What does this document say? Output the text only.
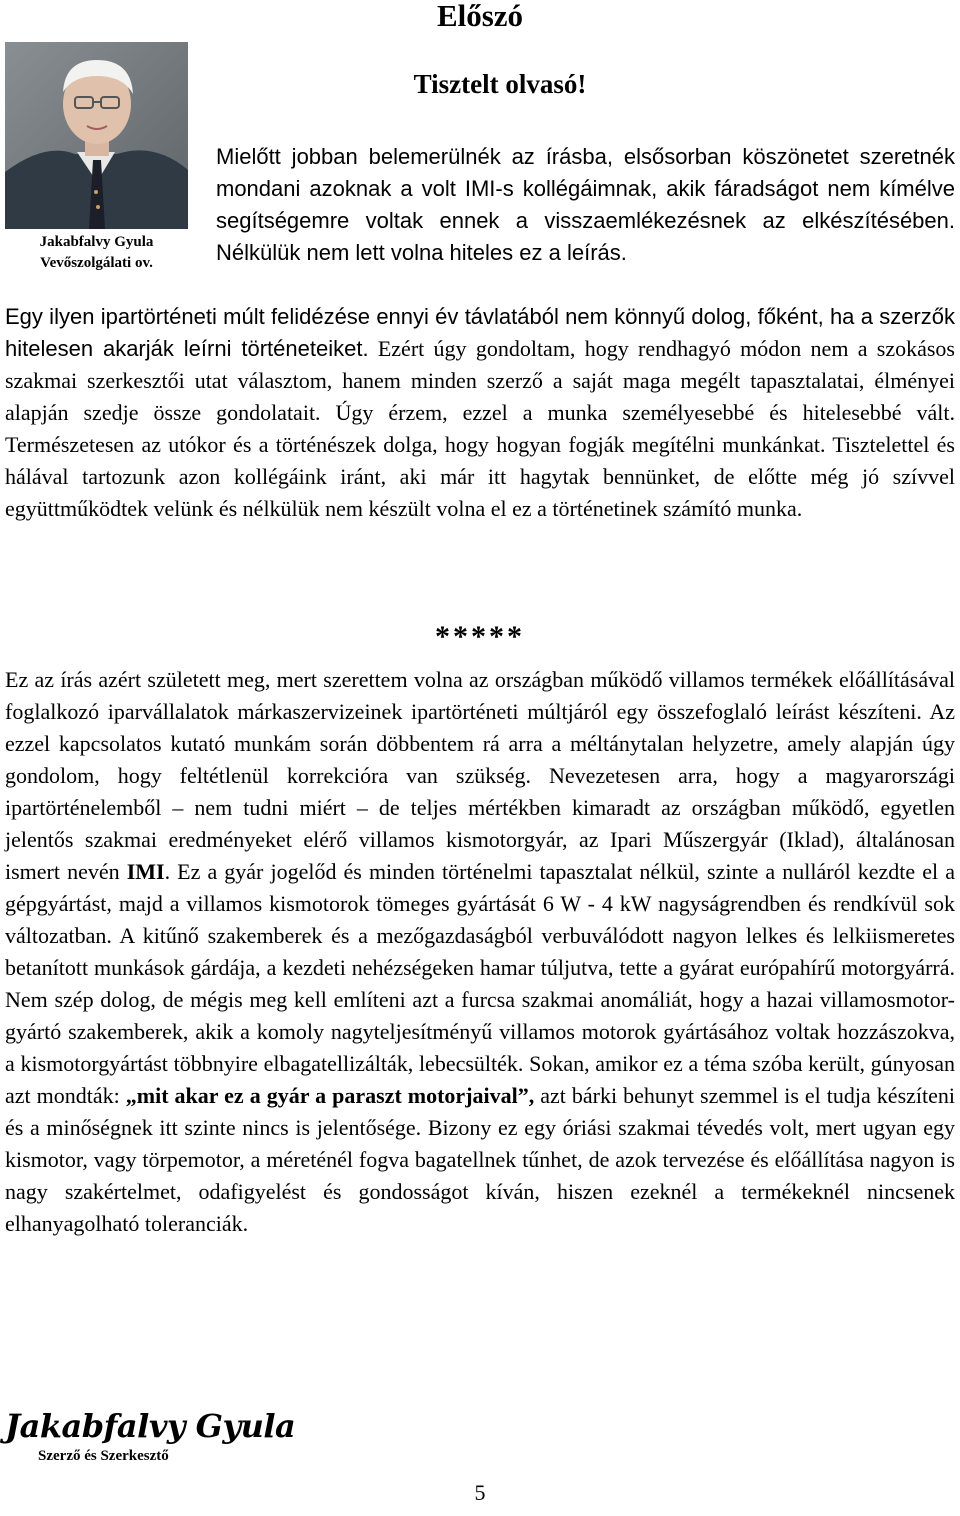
Előszó
Jakabfalvy Gyula
Vevőszolgálati ov.
Tisztelt olvasó!

Mielőtt jobban belemerülnék az írásba, elsősorban köszönetet szeretnék mondani azoknak a volt IMI-s kollégáimnak, akik fáradságot nem kímélve segítségemre voltak ennek a visszaemlékezésnek az elkészítésében. Nélkülük nem lett volna hiteles ez a leírás.

Egy ilyen ipartörténeti múlt felidézése ennyi év távlatából nem könnyű dolog, főként, ha a szerzők hitelesen akarják leírni történeteiket. Ezért úgy gondoltam, hogy rendhagyó módon nem a szokásos szakmai szerkesztői utat választom, hanem minden szerző a saját maga megélt tapasztalatai, élményei alapján szedje össze gondolatait. Úgy érzem, ezzel a munka személyesebbé és hitelesebbé vált. Természetesen az utókor és a történészek dolga, hogy hogyan fogják megítélni munkánkat. Tisztelettel és hálával tartozunk azon kollégáink iránt, aki már itt hagytak bennünket, de előtte még jó szívvel együttműködtek velünk és nélkülük nem készült volna el ez a történetinek számító munka.

*****

Ez az írás azért született meg, mert szerettem volna az országban működő villamos termékek előállításával foglalkozó iparvállalatok márkaszervizeinek ipartörténeti múltjáról egy összefoglaló leírást készíteni. Az ezzel kapcsolatos kutató munkám során döbbentem rá arra a méltánytalan helyzetre, amely alapján úgy gondolom, hogy feltétlenül korrekcióra van szükség. Nevezetesen arra, hogy a magyarországi ipartörténelemből – nem tudni miért – de teljes mértékben kimaradt az országban működő, egyetlen jelentős szakmai eredményeket elérő villamos kismotorgyár, az Ipari Műszergyár (Iklad), általánosan ismert nevén IMI. Ez a gyár jogelőd és minden történelmi tapasztalat nélkül, szinte a nulláról kezdte el a gépgyártást, majd a villamos kismotorok tömeges gyártását 6 W - 4 kW nagyságrendben és rendkívül sok változatban. A kitűnő szakemberek és a mezőgazdaságból verbuválódott nagyon lelkes és lelkiismeretes betanított munkások gárdája, a kezdeti nehézségeken hamar túljutva, tette a gyárat európahírű motorgyárrá. Nem szép dolog, de mégis meg kell említeni azt a furcsa szakmai anomáliát, hogy a hazai villamosmotor-gyártó szakemberek, akik a komoly nagyteljesítményű villamos motorok gyártásához voltak hozzászokva, a kismotorgyártást többnyire elbagatellizálták, lebecsülték. Sokan, amikor ez a téma szóba került, gúnyosan azt mondták: „mit akar ez a gyár a paraszt motorjaival”, azt bárki behunyt szemmel is el tudja készíteni és a minőségnek itt szinte nincs is jelentősége. Bizony ez egy óriási szakmai tévedés volt, mert ugyan egy kismotor, vagy törpemotor, a méreténél fogva bagatellnek tűnhet, de azok tervezése és előállítása nagyon is nagy szakértelmet, odafigyelést és gondosságot kíván, hiszen ezeknél a termékeknél nincsenek elhanyagolható toleranciák.

Jakabfalvy Gyula
Szerző és Szerkesztő
5
